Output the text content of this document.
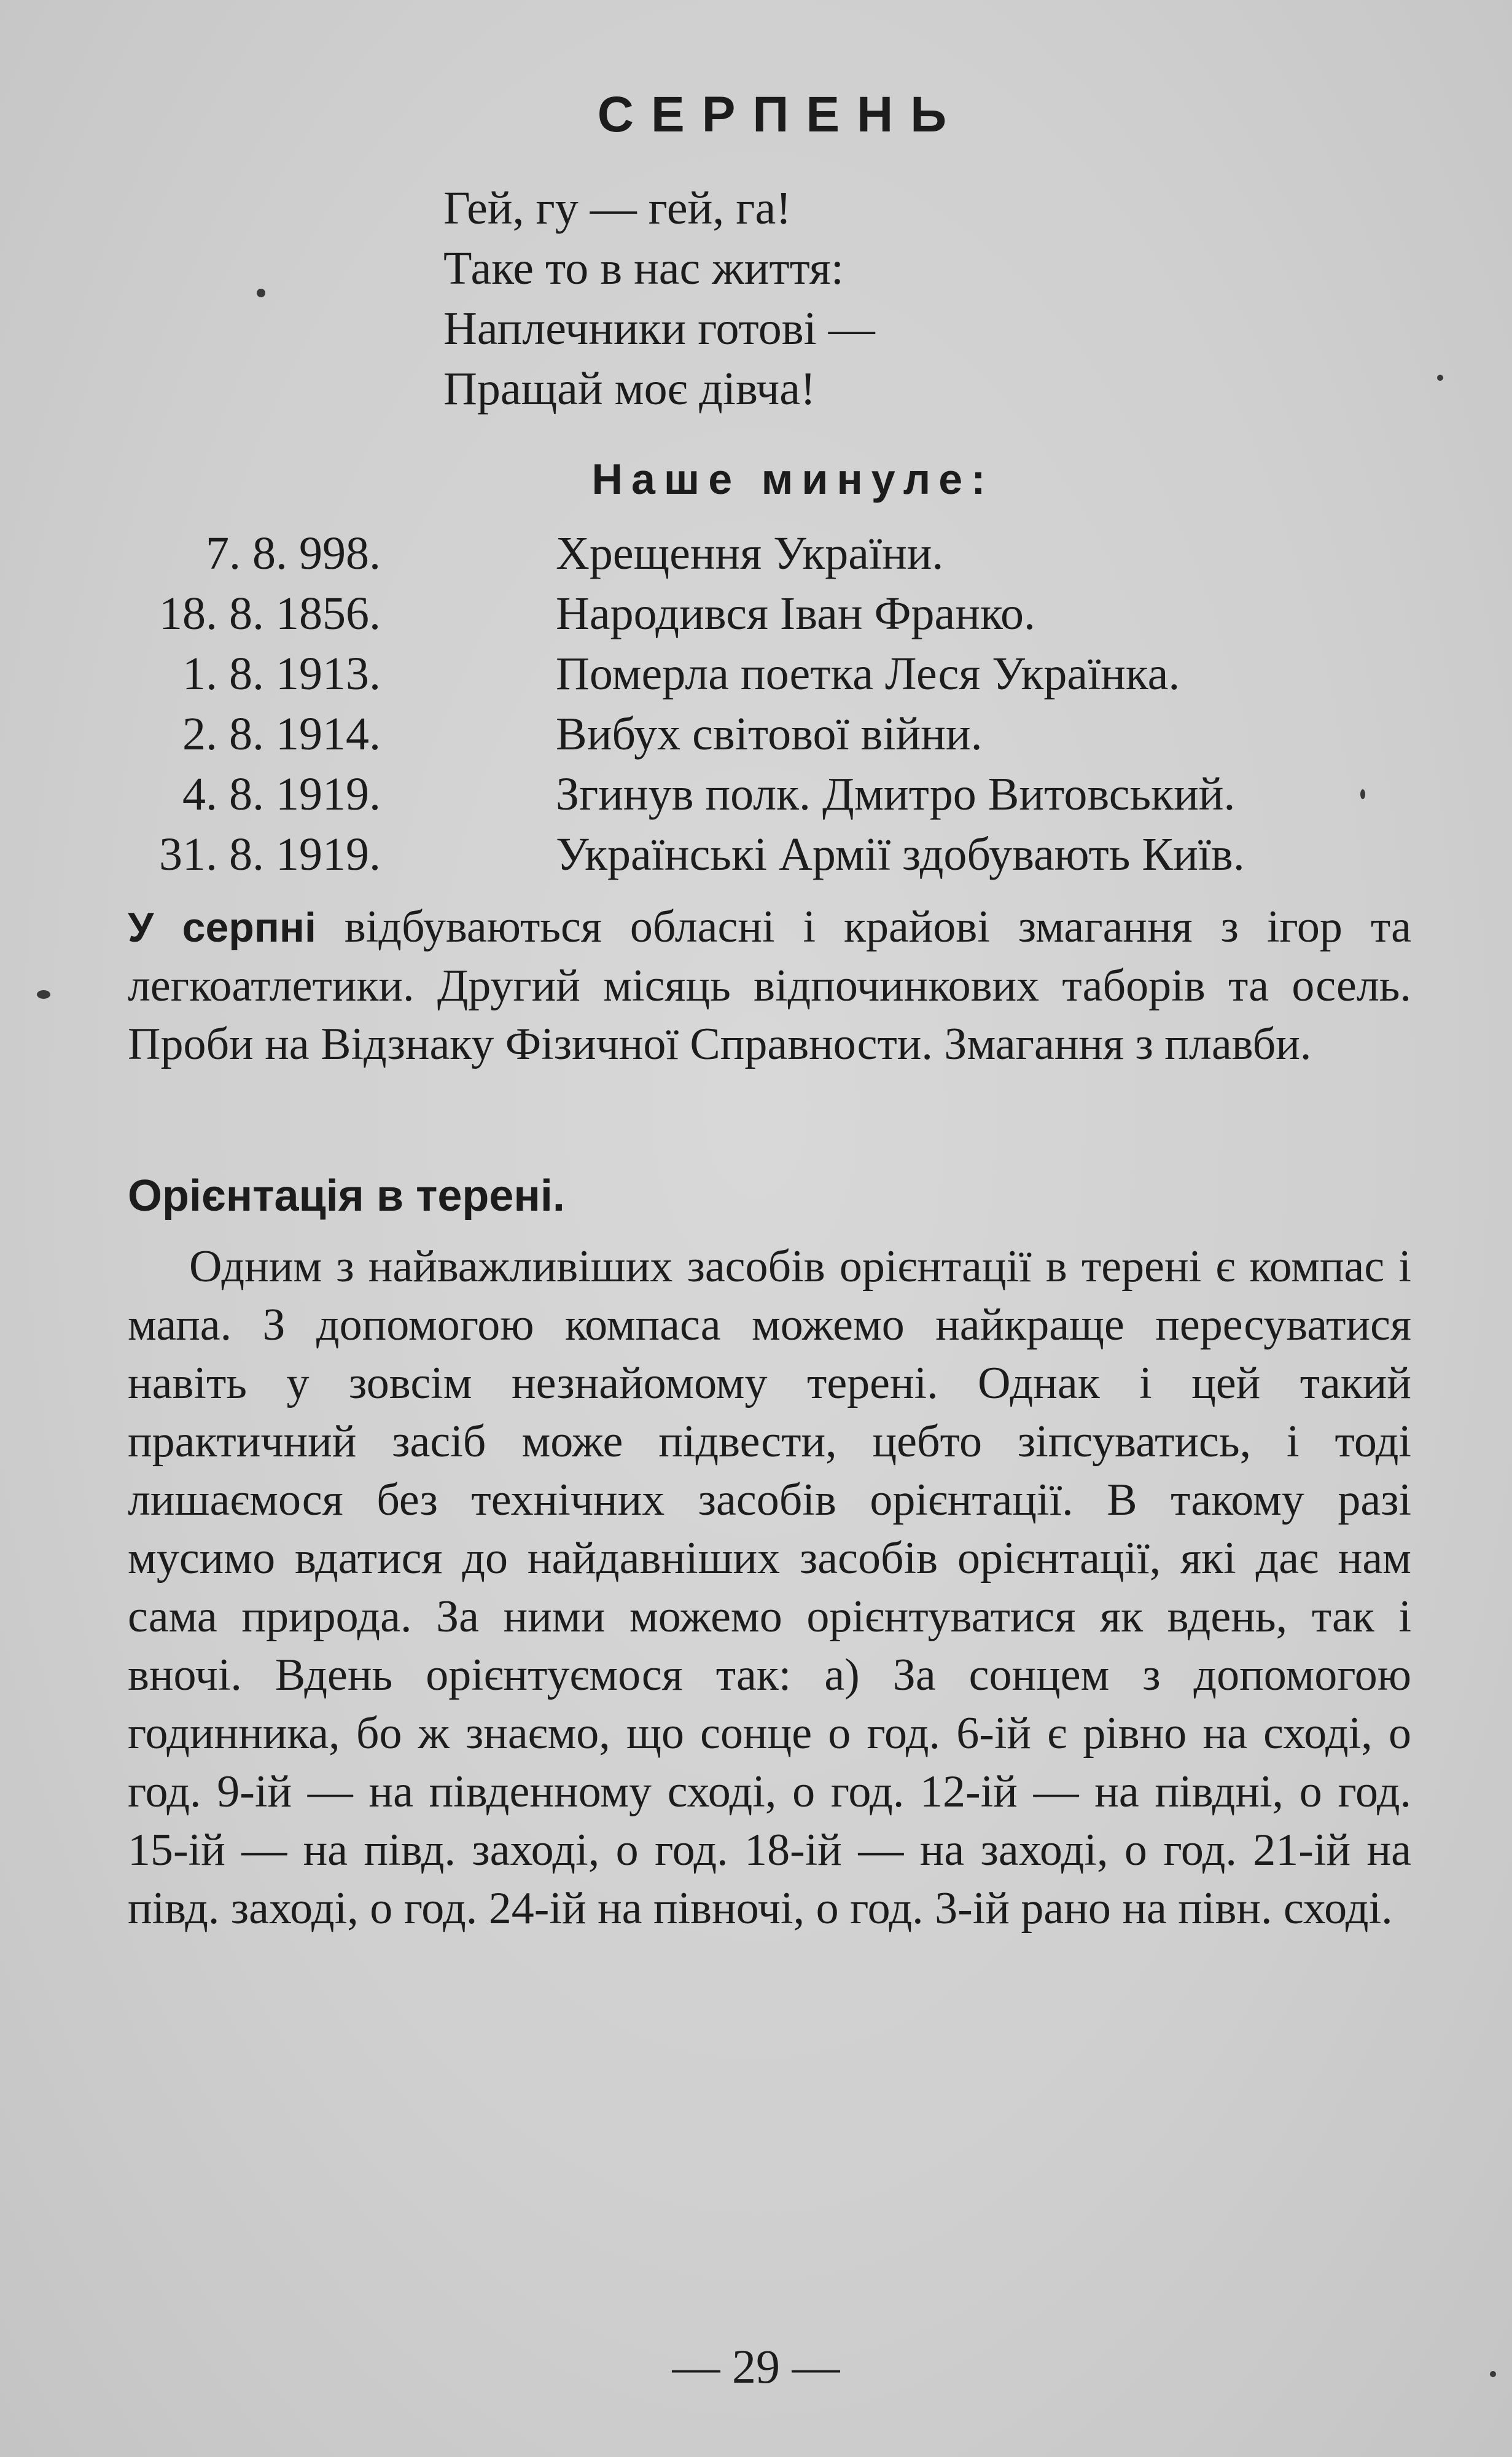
СЕРПЕНЬ
Гей, гу — гей, га!
Таке то в нас життя:
Наплечники готові —
Пращай моє дівча!
Наше минуле:
7. 8. 998.	Хрещення України.
18. 8. 1856.	Народився Іван Франко.
1. 8. 1913.	Померла поетка Леся Українка.
2. 8. 1914.	Вибух світової війни.
4. 8. 1919.	Згинув полк. Дмитро Витовський.
31. 8. 1919.	Українські Армії здобувають Київ.
У серпні відбуваються обласні і крайові змагання з ігор та легкоатлетики. Другий місяць відпочинкових таборів та осель. Проби на Відзнаку Фізичної Справности. Змагання з плавби.
Орієнтація в терені.
Одним з найважливіших засобів орієнтації в терені є компас і мапа. З допомогою компаса можемо найкраще пересуватися навіть у зовсім незнайомому терені. Однак і цей такий практичний засіб може підвести, цебто зіпсуватись, і тоді лишаємося без технічних засобів орієнтації. В такому разі мусимо вдатися до найдавніших засобів орієнтації, які дає нам сама природа. За ними можемо орієнтуватися як вдень, так і вночі. Вдень орієнтуємося так: а) За сонцем з допомогою годинника, бо ж знаємо, що сонце о год. 6-ій є рівно на сході, о год. 9-ій — на південному сході, о год. 12-ій — на півдні, о год. 15-ій — на півд. заході, о год. 18-ій — на заході, о год. 21-ій на півд. заході, о год. 24-ій на півночі, о год. 3-ій рано на півн. сході.
— 29 —
